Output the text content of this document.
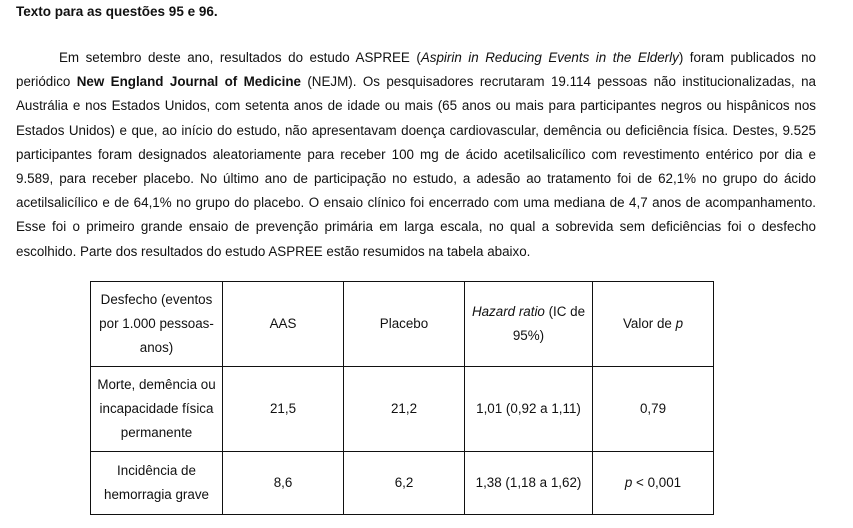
Texto para as questões 95 e 96.

Em setembro deste ano, resultados do estudo ASPREE (Aspirin in Reducing Events in the Elderly) foram publicados no periódico New England Journal of Medicine (NEJM). Os pesquisadores recrutaram 19.114 pessoas não institucionalizadas, na Austrália e nos Estados Unidos, com setenta anos de idade ou mais (65 anos ou mais para participantes negros ou hispânicos nos Estados Unidos) e que, ao início do estudo, não apresentavam doença cardiovascular, demência ou deficiência física. Destes, 9.525 participantes foram designados aleatoriamente para receber 100 mg de ácido acetilsalicílico com revestimento entérico por dia e 9.589, para receber placebo. No último ano de participação no estudo, a adesão ao tratamento foi de 62,1% no grupo do ácido acetilsalicílico e de 64,1% no grupo do placebo. O ensaio clínico foi encerrado com uma mediana de 4,7 anos de acompanhamento. Esse foi o primeiro grande ensaio de prevenção primária em larga escala, no qual a sobrevida sem deficiências foi o desfecho escolhido. Parte dos resultados do estudo ASPREE estão resumidos na tabela abaixo.

Desfecho (eventos por 1.000 pessoas-anos)	AAS	Placebo	Hazard ratio (IC de 95%)	Valor de p
Morte, demência ou incapacidade física permanente	21,5	21,2	1,01 (0,92 a 1,11)	0,79
Incidência de hemorragia grave	8,6	6,2	1,38 (1,18 a 1,62)	p < 0,001
